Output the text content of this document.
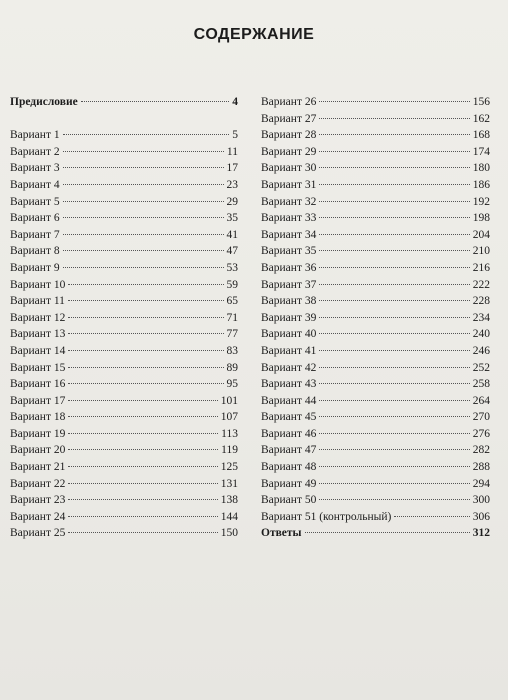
СОДЕРЖАНИЕ
Предисловие	4
Вариант 1	5
Вариант 2	11
Вариант 3	17
Вариант 4	23
Вариант 5	29
Вариант 6	35
Вариант 7	41
Вариант 8	47
Вариант 9	53
Вариант 10	59
Вариант 11	65
Вариант 12	71
Вариант 13	77
Вариант 14	83
Вариант 15	89
Вариант 16	95
Вариант 17	101
Вариант 18	107
Вариант 19	113
Вариант 20	119
Вариант 21	125
Вариант 22	131
Вариант 23	138
Вариант 24	144
Вариант 25	150
Вариант 26	156
Вариант 27	162
Вариант 28	168
Вариант 29	174
Вариант 30	180
Вариант 31	186
Вариант 32	192
Вариант 33	198
Вариант 34	204
Вариант 35	210
Вариант 36	216
Вариант 37	222
Вариант 38	228
Вариант 39	234
Вариант 40	240
Вариант 41	246
Вариант 42	252
Вариант 43	258
Вариант 44	264
Вариант 45	270
Вариант 46	276
Вариант 47	282
Вариант 48	288
Вариант 49	294
Вариант 50	300
Вариант 51 (контрольный)	306
Ответы	312
